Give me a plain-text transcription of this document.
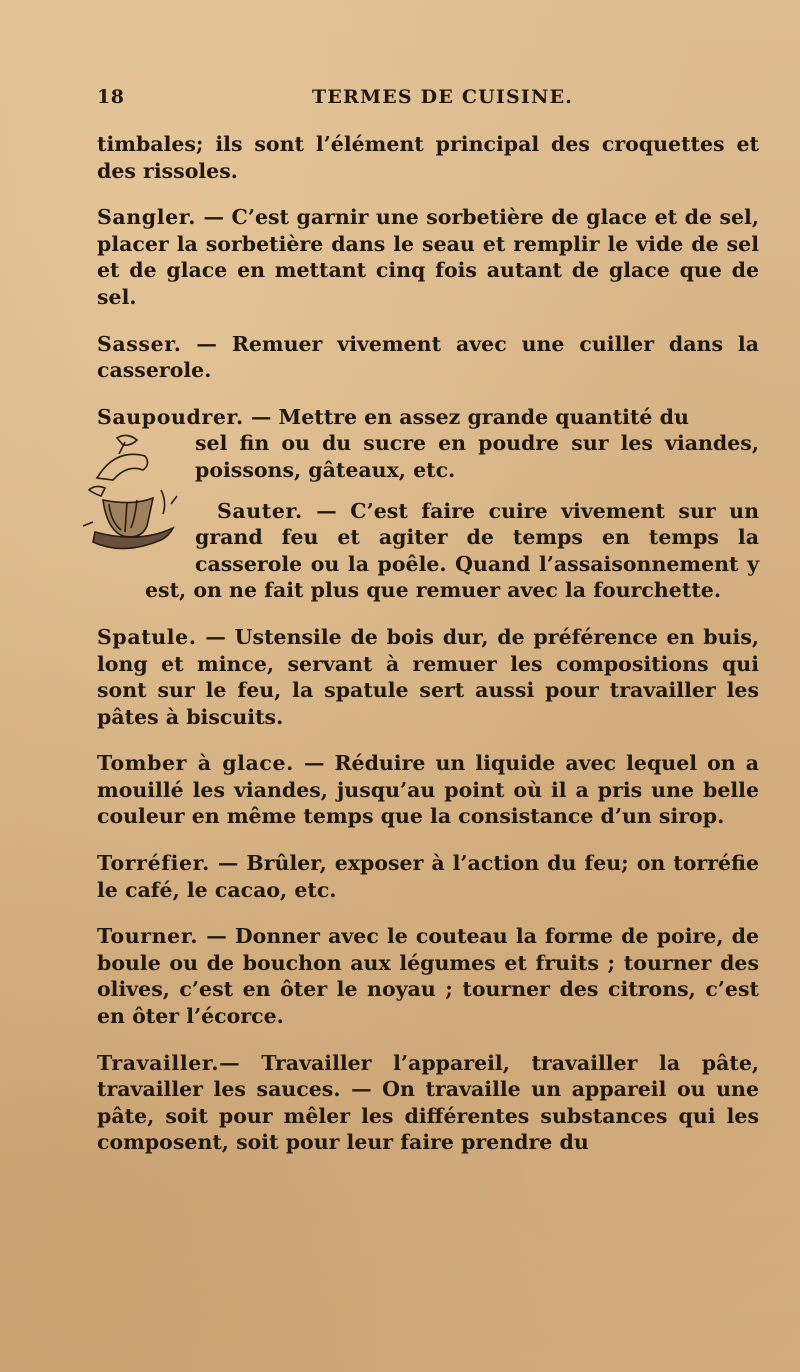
18	TERMES DE CUISINE.

timbales; ils sont l’élément principal des croquettes et des rissoles.

Sangler. — C’est garnir une sorbetière de glace et de sel, placer la sorbetière dans le seau et remplir le vide de sel et de glace en mettant cinq fois autant de glace que de sel.

Sasser. — Remuer vivement avec une cuiller dans la casserole.

Saupoudrer. — Mettre en assez grande quantité du

sel fin ou du sucre en poudre sur les viandes, poissons, gâteaux, etc.

Sauter. — C’est faire cuire vivement sur un grand feu et agiter de temps en temps la casserole ou la poêle. Quand l’assaisonnement y est, on ne fait plus que remuer avec la fourchette.

Spatule. — Ustensile de bois dur, de préférence en buis, long et mince, servant à remuer les compositions qui sont sur le feu, la spatule sert aussi pour travailler les pâtes à biscuits.

Tomber à glace. — Réduire un liquide avec lequel on a mouillé les viandes, jusqu’au point où il a pris une belle couleur en même temps que la consistance d’un sirop.

Torréfier. — Brûler, exposer à l’action du feu; on torréfie le café, le cacao, etc.

Tourner. — Donner avec le couteau la forme de poire, de boule ou de bouchon aux légumes et fruits ; tourner des olives, c’est en ôter le noyau ; tourner des citrons, c’est en ôter l’écorce.

Travailler.— Travailler l’appareil, travailler la pâte, travailler les sauces. — On travaille un appareil ou une pâte, soit pour mêler les différentes substances qui les composent, soit pour leur faire prendre du
